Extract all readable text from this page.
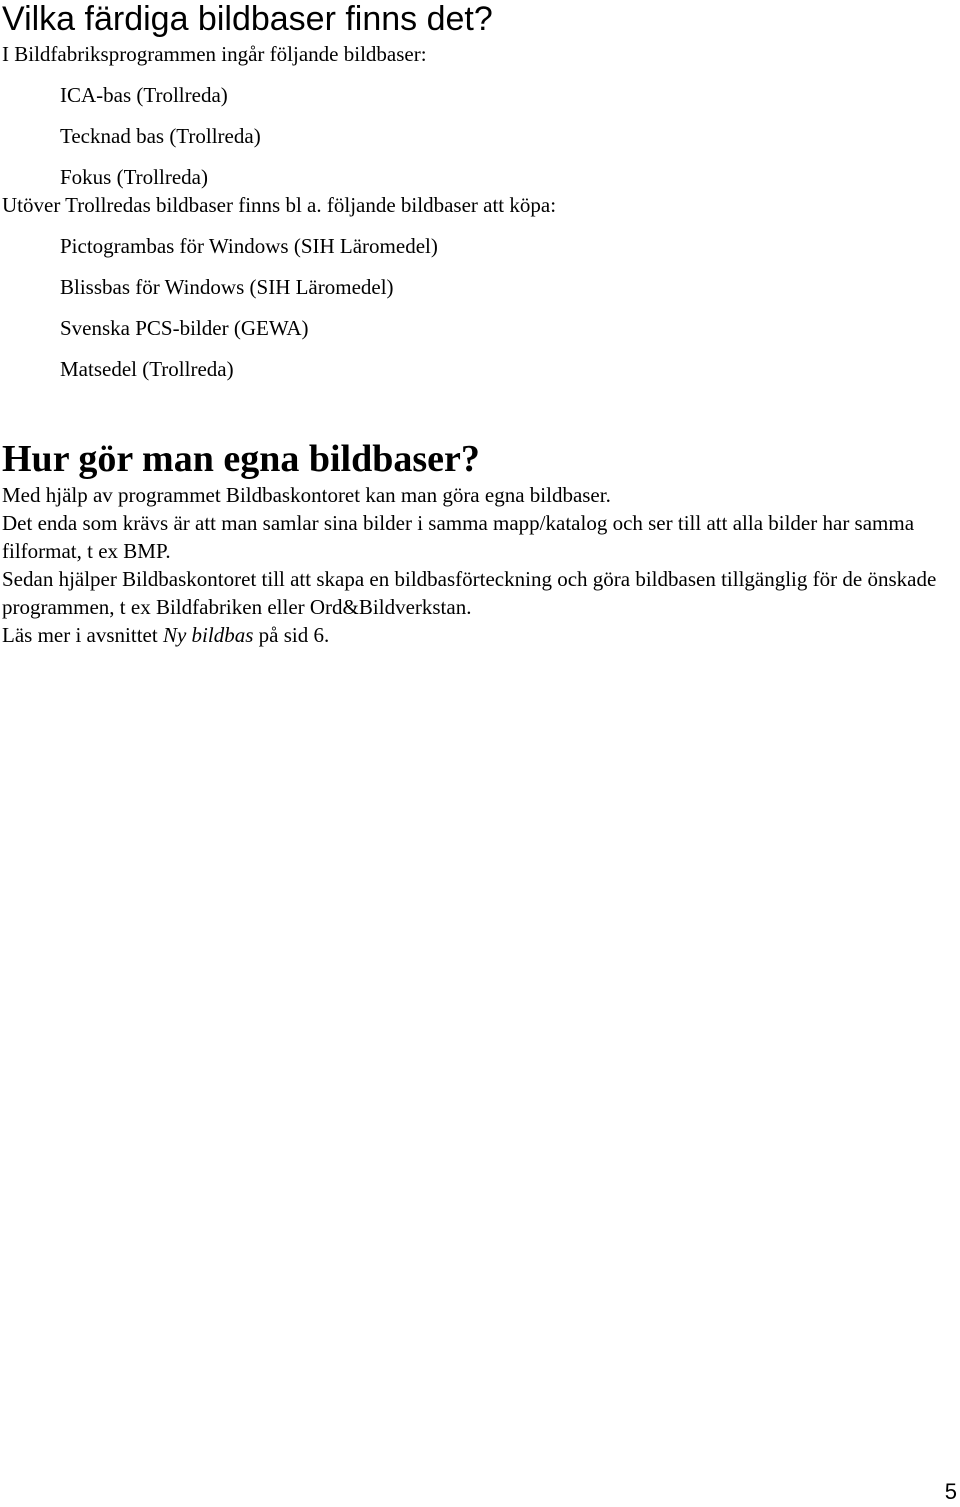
Vilka färdiga bildbaser finns det?

I Bildfabriksprogrammen ingår följande bildbaser:

ICA-bas (Trollreda)
Tecknad bas (Trollreda)
Fokus (Trollreda)

Utöver Trollredas bildbaser finns bl a. följande bildbaser att köpa:

Pictogrambas för Windows (SIH Läromedel)
Blissbas för Windows (SIH Läromedel)
Svenska PCS-bilder (GEWA)
Matsedel (Trollreda)
Hur gör man egna bildbaser?

Med hjälp av programmet Bildbaskontoret kan man göra egna bildbaser.

Det enda som krävs är att man samlar sina bilder i samma mapp/katalog och ser till att alla bilder har samma filformat, t ex BMP.

Sedan hjälper Bildbaskontoret till att skapa en bildbasförteckning och göra bildbasen tillgänglig för de önskade programmen, t ex Bildfabriken eller Ord&Bildverkstan.

Läs mer i avsnittet Ny bildbas på sid 6.

5
